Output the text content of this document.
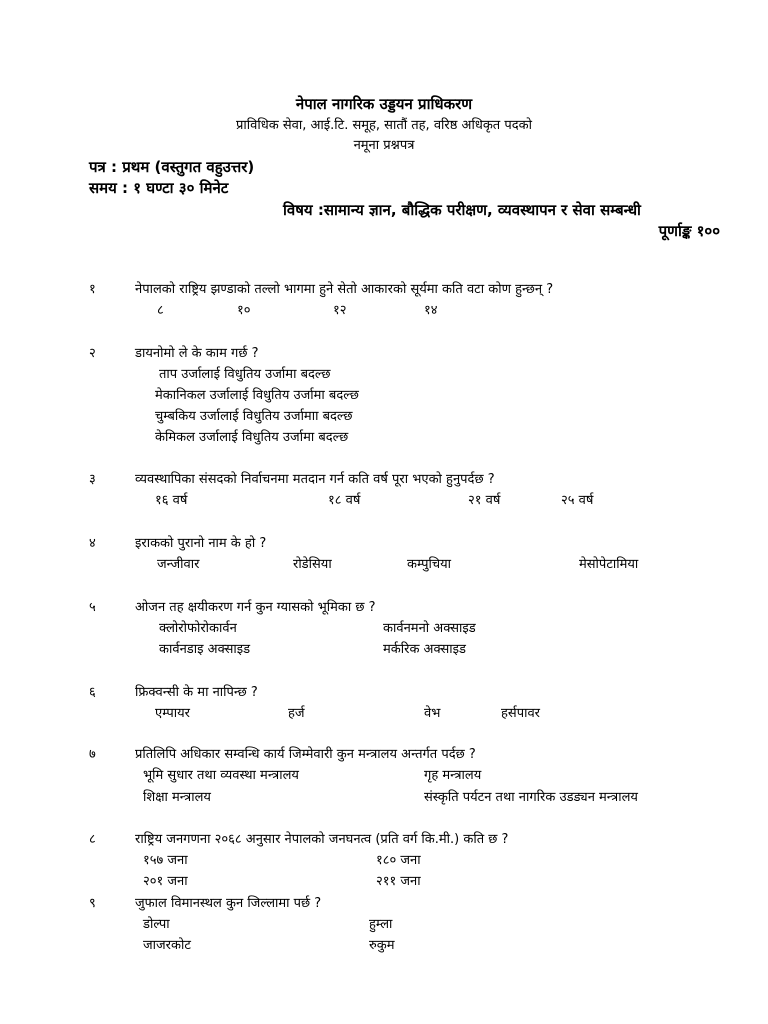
नेपाल नागरिक उड्डयन प्राधिकरण
प्राविधिक सेवा, आई.टि. समूह, सातौं तह, वरिष्ठ अधिकृत पदको
नमूना प्रश्नपत्र
पत्र : प्रथम (वस्तुगत वहुउत्तर)
समय : १ घण्टा ३० मिनेट
विषय :सामान्य ज्ञान, बौद्धिक परीक्षण, व्यवस्थापन र सेवा सम्बन्धी
पूर्णाङ्क १००
१	नेपालको राष्ट्रिय झण्डाको तल्लो भागमा हुने सेतो आकारको सूर्यमा कति वटा कोण हुन्छन् ?
८	१०	१२	१४
२	डायनोमो ले के काम गर्छ ?
ताप उर्जालाई विधुतिय उर्जामा बदल्छ
मेकानिकल उर्जालाई विधुतिय उर्जामा बदल्छ
चुम्बकिय उर्जालाई विधुतिय उर्जामाा बदल्छ
केमिकल उर्जालाई विधुतिय उर्जामा बदल्छ
३	व्यवस्थापिका संसदको निर्वाचनमा मतदान गर्न कति वर्ष पूरा भएको हुनुपर्दछ ?
१६ वर्ष	१८ वर्ष	२१ वर्ष	२५ वर्ष
४	इराकको पुरानो नाम के हो ?
जन्जीवार	रोडेसिया	कम्पुचिया	मेसोपेटामिया
५	ओजन तह क्षयीकरण गर्न कुन ग्यासको भूमिका छ ?
क्लोरोफोरोकार्वन	कार्वनमनो अक्साइड
कार्वनडाइ अक्साइड	मर्करिक अक्साइड
६	फ्रिक्वन्सी के मा नापिन्छ ?
एम्पायर	हर्ज	वेभ	हर्सपावर
७	प्रतिलिपि अधिकार सम्वन्धि कार्य जिम्मेवारी कुन मन्त्रालय अन्तर्गत पर्दछ ?
भूमि सुधार तथा व्यवस्था मन्त्रालय	गृह मन्त्रालय
शिक्षा मन्त्रालय	संस्कृति पर्यटन तथा नागरिक उडड्यन मन्त्रालय
८	राष्ट्रिय जनगणना २०६८ अनुसार नेपालको जनघनत्व (प्रति वर्ग कि.मी.) कति छ ?
१५७ जना	१८० जना
२०१ जना	२११ जना
९	जुफाल विमानस्थल कुन जिल्लामा पर्छ ?
डोल्पा	हुम्ला
जाजरकोट	रुकुम
